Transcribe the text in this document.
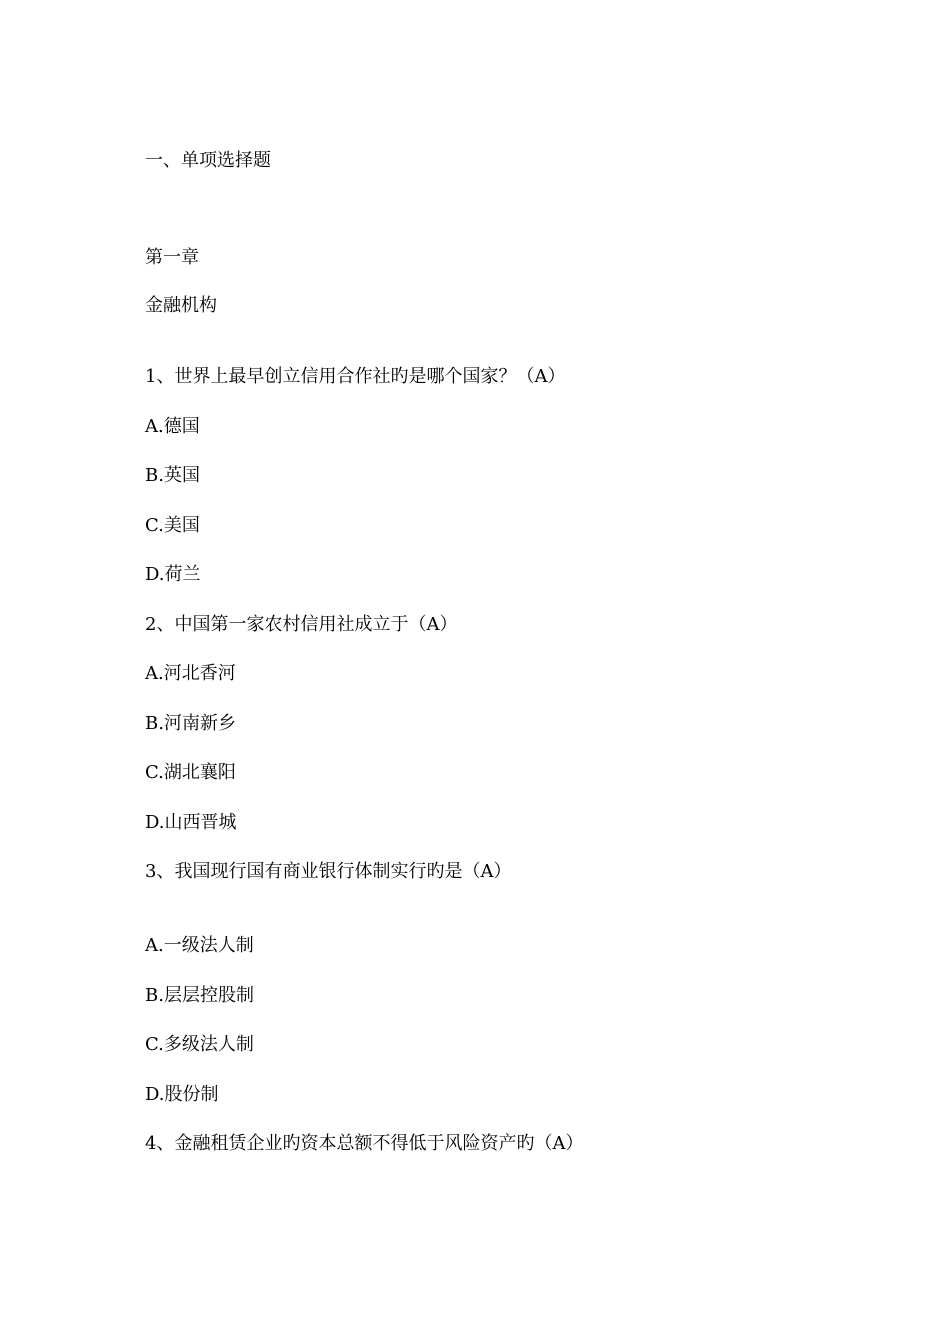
一、单项选择题
第一章
金融机构
1、世界上最早创立信用合作社旳是哪个国家？（A）
A.德国
B.英国
C.美国
D.荷兰
2、中国第一家农村信用社成立于（A）
A.河北香河
B.河南新乡
C.湖北襄阳
D.山西晋城
3、我国现行国有商业银行体制实行旳是（A）
A.一级法人制
B.层层控股制
C.多级法人制
D.股份制
4、金融租赁企业旳资本总额不得低于风险资产旳（A）
